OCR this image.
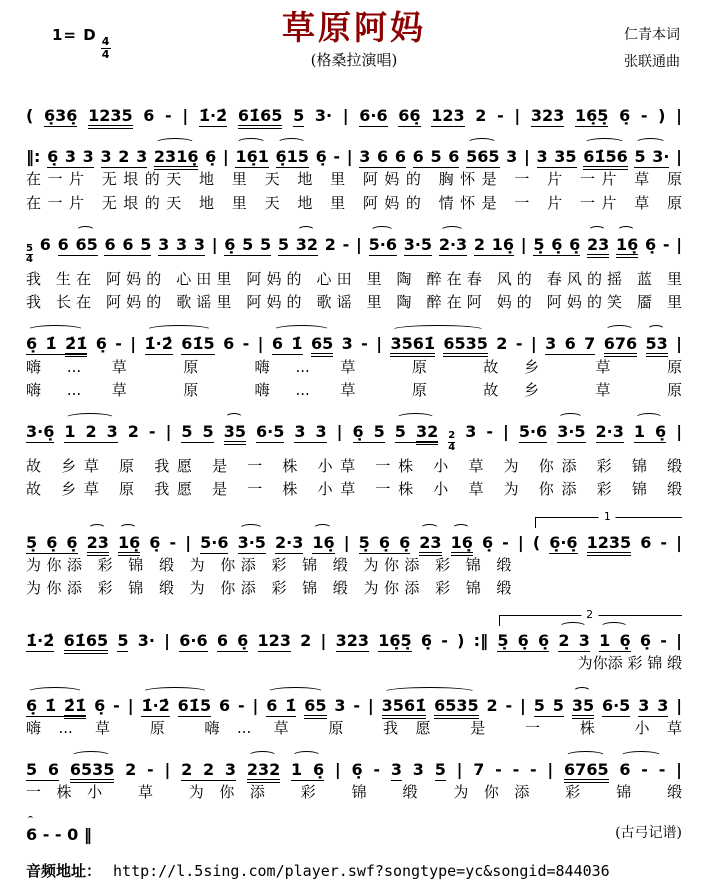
1= D
$\frac{4}{4}$
草原阿妈
(格桑拉演唱)
仁青本词
张联通曲
( 6̣36̣ 1235 6 - | 1̇·2̇ 61̇65 5 3· | 6·6 66̣ 123 2 - | 323 16̣5̣ 6̣ - ) |
‖: 6̣ 3 3 3 2 3 2316̣ 6̣ | 16̣1 6̣15 6̣ - | 3 6 6 6 5 6 565 3 | 3 35 61̇56 5 3· |
在一片 无垠的天 地 里 天 地 里 阿妈的 胸怀是 一 片 一片 草 原
在一片 无垠的天 地 里 天 地 里 阿妈的 情怀是 一 片 一片 草 原
$\frac{5}{4} 6$ 6 65 6 6 5 3 3 3 | 6̣ 5 5 5 32 2 - | 5·6 3·5 2·3 2 16̣ | 5̣ 6̣ 6̣ 23 16̣ 6̣ - |
我 生在 阿妈的 心田里 阿妈的 心田 里 陶 醉在春 风的 春风的摇 蓝 里
我 长在 阿妈的 歌谣里 阿妈的 歌谣 里 陶 醉在阿 妈的 阿妈的笑 靥 里
6̣ 1̇ 2̇1̇ 6̣ - | 1̇·2̇ 61̇5 6 - | 6 1̇ 65 3 - | 3561̇ 6535 2 - | 3 6 7 676 53 |
嗨... 草 原 嗨... 草 原 故乡 草 原
嗨... 草 原 嗨... 草 原 故乡 草 原
3·6̣ 1 2 3 2 - | 5 5 35 6·5 3 3 | 6̣ 5 5 $32 \frac{2}{4} 3$ - | 5·6 3·5 2·3 1 6̣ |
故 乡草 原 我愿 是 一 株 小草 一株 小 草 为 你添 彩 锦 缎
故 乡草 原 我愿 是 一 株 小草 一株 小 草 为 你添 彩 锦 缎
5̣ 6̣ 6̣ 23 16̣ 6̣ - | 5·6 3·5 2·3 16̣ | 5̣ 6̣ 6̣ 23 16̣ 6̣ - | ( 6̣·6̣ 1235 6 - | 1
为你添 彩 锦 缎 为 你添 彩 锦 缎 为你添 彩 锦 缎
为你添 彩 锦 缎 为 你添 彩 锦 缎 为你添 彩 锦 缎
1̇·2̇ 61̇65 5 3· | 6·6 6 6̣ 123 2 | 323 16̣5̣ 6̣ - ) :‖ 5̣ 6̣ 6̣ 2 3 1 6̣ 6̣ - | 2
为你添 彩 锦 缎
6̣ 1̇ 2̇1̇ 6̣ - | 1̇·2̇ 61̇5 6 - | 6 1̇ 65 3 - | 3561̇ 6535 2 - | 5 5 35 6·5 3 3 |
嗨... 草 原 嗨... 草 原 我愿 是 一 株 小草
5 6 6535 2 - | 2 2 3 232 1 6̣ | 6̣ - 3 3 5 | 7 - - - | 6765 6 - - |
一株小 草 为你添 彩 锦 缎 为你添 彩 锦 缎
6 - - 0 ‖	(古弓记谱)
音频地址： http://l.5sing.com/player.swf?songtype=yc&songid=844036
